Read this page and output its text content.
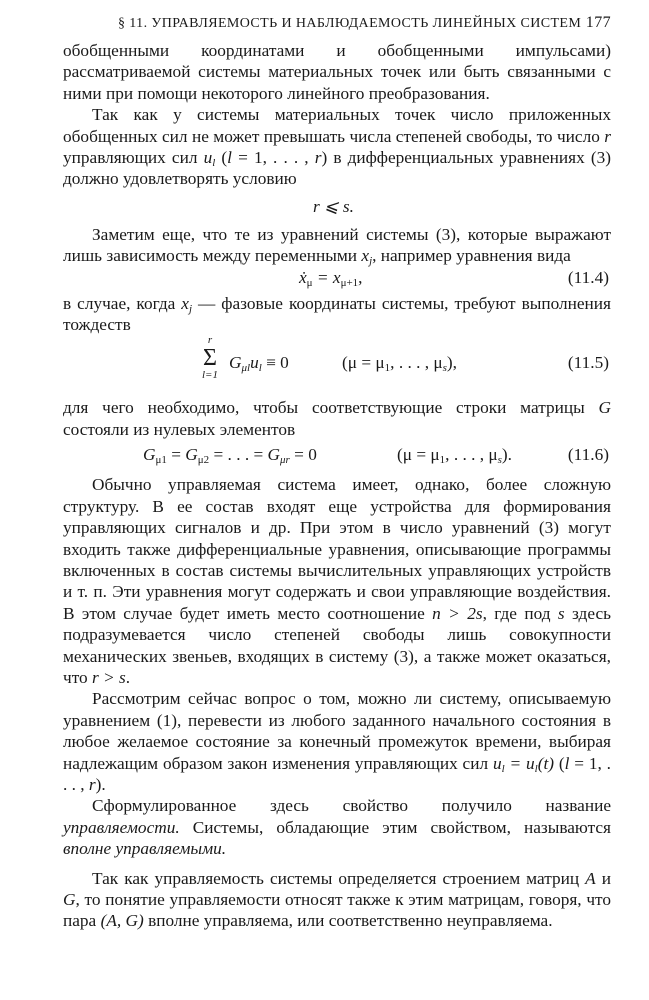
§ 11. УПРАВЛЯЕМОСТЬ И НАБЛЮДАЕМОСТЬ ЛИНЕЙНЫХ СИСТЕМ 177

обобщенными координатами и обобщенными импульсами) рассматриваемой системы материальных точек или быть связанными с ними при помощи некоторого линейного преобразования.

Так как у системы материальных точек число приложенных обобщенных сил не может превышать числа степеней свободы, то число r управляющих сил $u_l$ (l = 1, . . . , r) в дифференциальных уравнениях (3) должно удовлетворять условию

r ⩽ s.

Заметим еще, что те из уравнений системы (3), которые выражают лишь зависимость между переменными $x_j$, например уравнения вида

ẋ$_\mu$ = $x_{\mu+1}$,	(11.4)

в случае, когда $x_j$ — фазовые координаты системы, требуют выполнения тождеств

r
Σ
l=1
$G_{\mu l}u_l \equiv 0$	($\mu = \mu_1$, . . . , $\mu_s$),	(11.5)

для чего необходимо, чтобы соответствующие строки матрицы G состояли из нулевых элементов

$G_{\mu 1} = G_{\mu 2}$ = . . . = $G_{\mu r} = 0$	($\mu = \mu_1$, . . . , $\mu_s$).	(11.6)

Обычно управляемая система имеет, однако, более сложную структуру. В ее состав входят еще устройства для формирования управляющих сигналов и др. При этом в число уравнений (3) могут входить также дифференциальные уравнения, описывающие программы включенных в состав системы вычислительных управляющих устройств и т. п. Эти уравнения могут содержать и свои управляющие воздействия. В этом случае будет иметь место соотношение n > 2s, где под s здесь подразумевается число степеней свободы лишь совокупности механических звеньев, входящих в систему (3), а также может оказаться, что r > s.

Рассмотрим сейчас вопрос о том, можно ли систему, описываемую уравнением (1), перевести из любого заданного начального состояния в любое желаемое состояние за конечный промежуток времени, выбирая надлежащим образом закон изменения управляющих сил $u_l = u_l(t) (l = 1$, . . . , r).

Сформулированное здесь свойство получило название управляемости. Системы, обладающие этим свойством, называются вполне управляемыми.

Так как управляемость системы определяется строением матриц A и G, то понятие управляемости относят также к этим матрицам, говоря, что пара (A, G) вполне управляема, или соответственно неуправляема.
